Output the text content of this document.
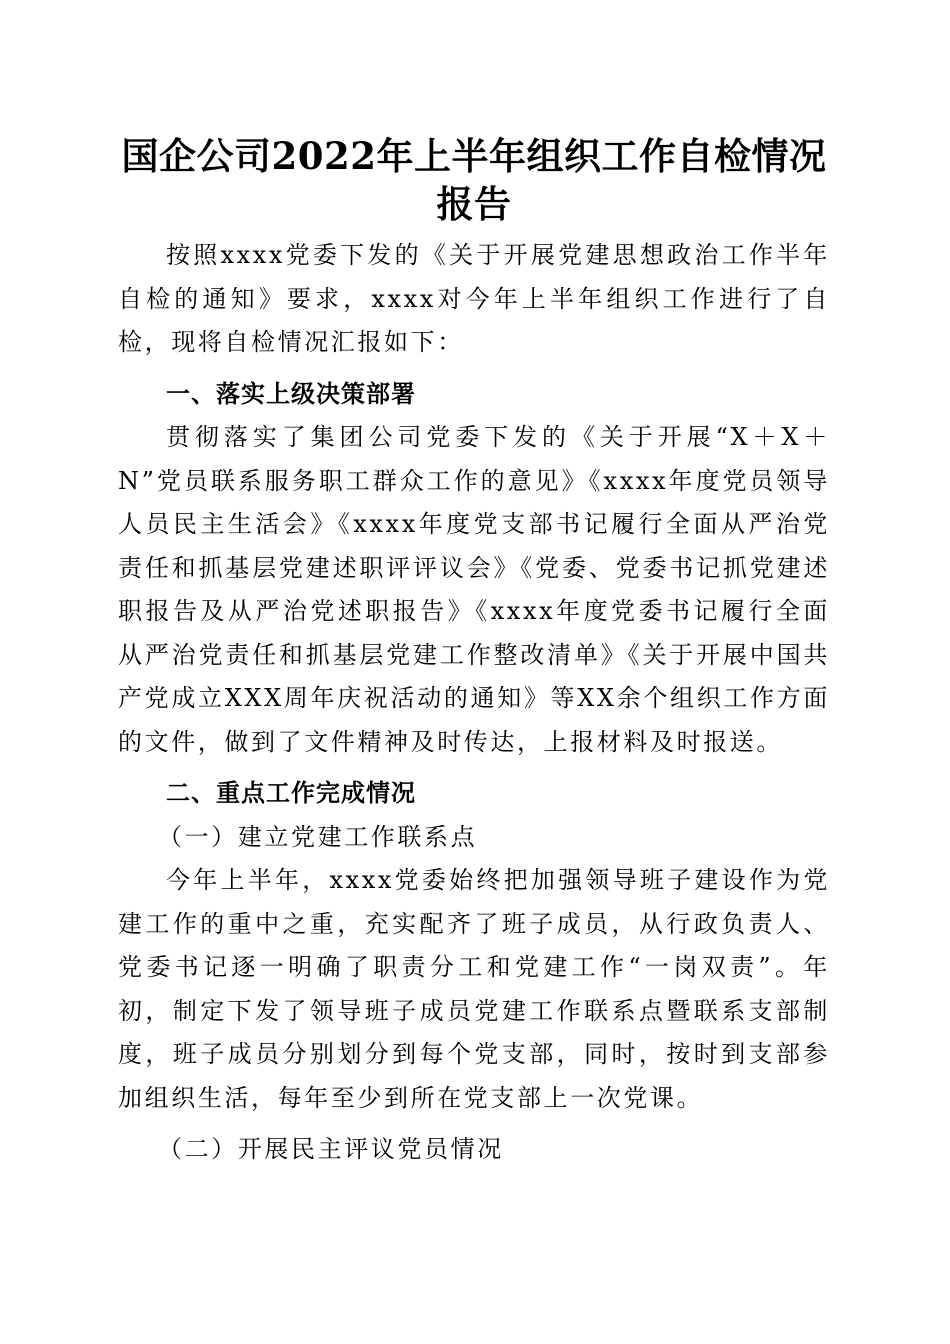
国企公司2022年上半年组织工作自检情况报告

按照xxxx党委下发的《关于开展党建思想政治工作半年自检的通知》要求，xxxx对今年上半年组织工作进行了自检，现将自检情况汇报如下：

一、落实上级决策部署

贯彻落实了集团公司党委下发的《关于开展“X＋X＋N”党员联系服务职工群众工作的意见》《xxxx年度党员领导人员民主生活会》《xxxx年度党支部书记履行全面从严治党责任和抓基层党建述职评评议会》《党委、党委书记抓党建述职报告及从严治党述职报告》《xxxx年度党委书记履行全面从严治党责任和抓基层党建工作整改清单》《关于开展中国共产党成立XXX周年庆祝活动的通知》等XX余个组织工作方面的文件，做到了文件精神及时传达，上报材料及时报送。

二、重点工作完成情况

（一）建立党建工作联系点

今年上半年，xxxx党委始终把加强领导班子建设作为党建工作的重中之重，充实配齐了班子成员，从行政负责人、党委书记逐一明确了职责分工和党建工作“一岗双责”。年初，制定下发了领导班子成员党建工作联系点暨联系支部制度，班子成员分别划分到每个党支部，同时，按时到支部参加组织生活，每年至少到所在党支部上一次党课。

（二）开展民主评议党员情况
